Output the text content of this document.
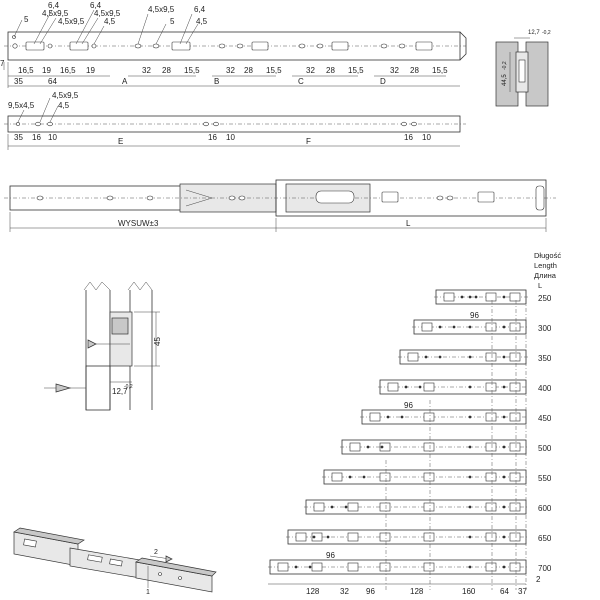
6,4
4,5x9,5
4,5x9,5
6,4
4,5x9,5
4,5
4,5x9,5
5	4,5
6,4
5
7
16,5 19 16,5 19	32 28 15,5	32 28 15,5	32 28 15,5	32 28 15,5
35	64	A	B	C	D
12,7 -0,2
44,5
-0,2
9,5x4,5	4,5
4,5x9,5
35 16 10	16 10	16 10
E	F
WYSUW±3	L
45
12,7
-0,2
2
1
Długość
Length
Длина
L
250
300
350
400
450
500
550
600
650
700
128	32 96	128	160	64 37
2
96
96
96
